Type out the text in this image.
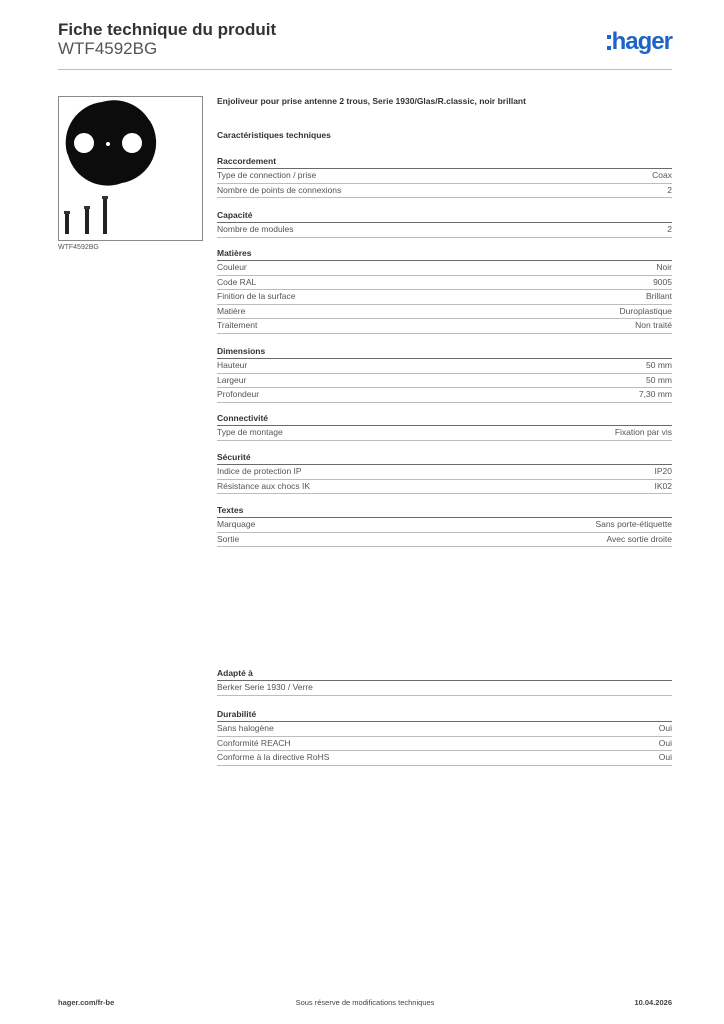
Fiche technique du produit
WTF4592BG	hager
WTF4592BG
Enjoliveur pour prise antenne 2 trous, Serie 1930/Glas/R.classic, noir brillant
Caractéristiques techniques
Raccordement
Type de connection / prise	Coax
Nombre de points de connexions	2
Capacité
Nombre de modules	2
Matières
Couleur	Noir
Code RAL	9005
Finition de la surface	Brillant
Matière	Duroplastique
Traitement	Non traité
Dimensions
Hauteur	50 mm
Largeur	50 mm
Profondeur	7,30 mm
Connectivité
Type de montage	Fixation par vis
Sécurité
Indice de protection IP	IP20
Résistance aux chocs IK	IK02
Textes
Marquage	Sans porte-étiquette
Sortie	Avec sortie droite
Adapté à
Berker Serie 1930 / Verre
Durabilité
Sans halogène	Oui
Conformité REACH	Oui
Conforme à la directive RoHS	Oui
Sous réserve de modifications techniques
hager.com/fr-be	10.04.2026
